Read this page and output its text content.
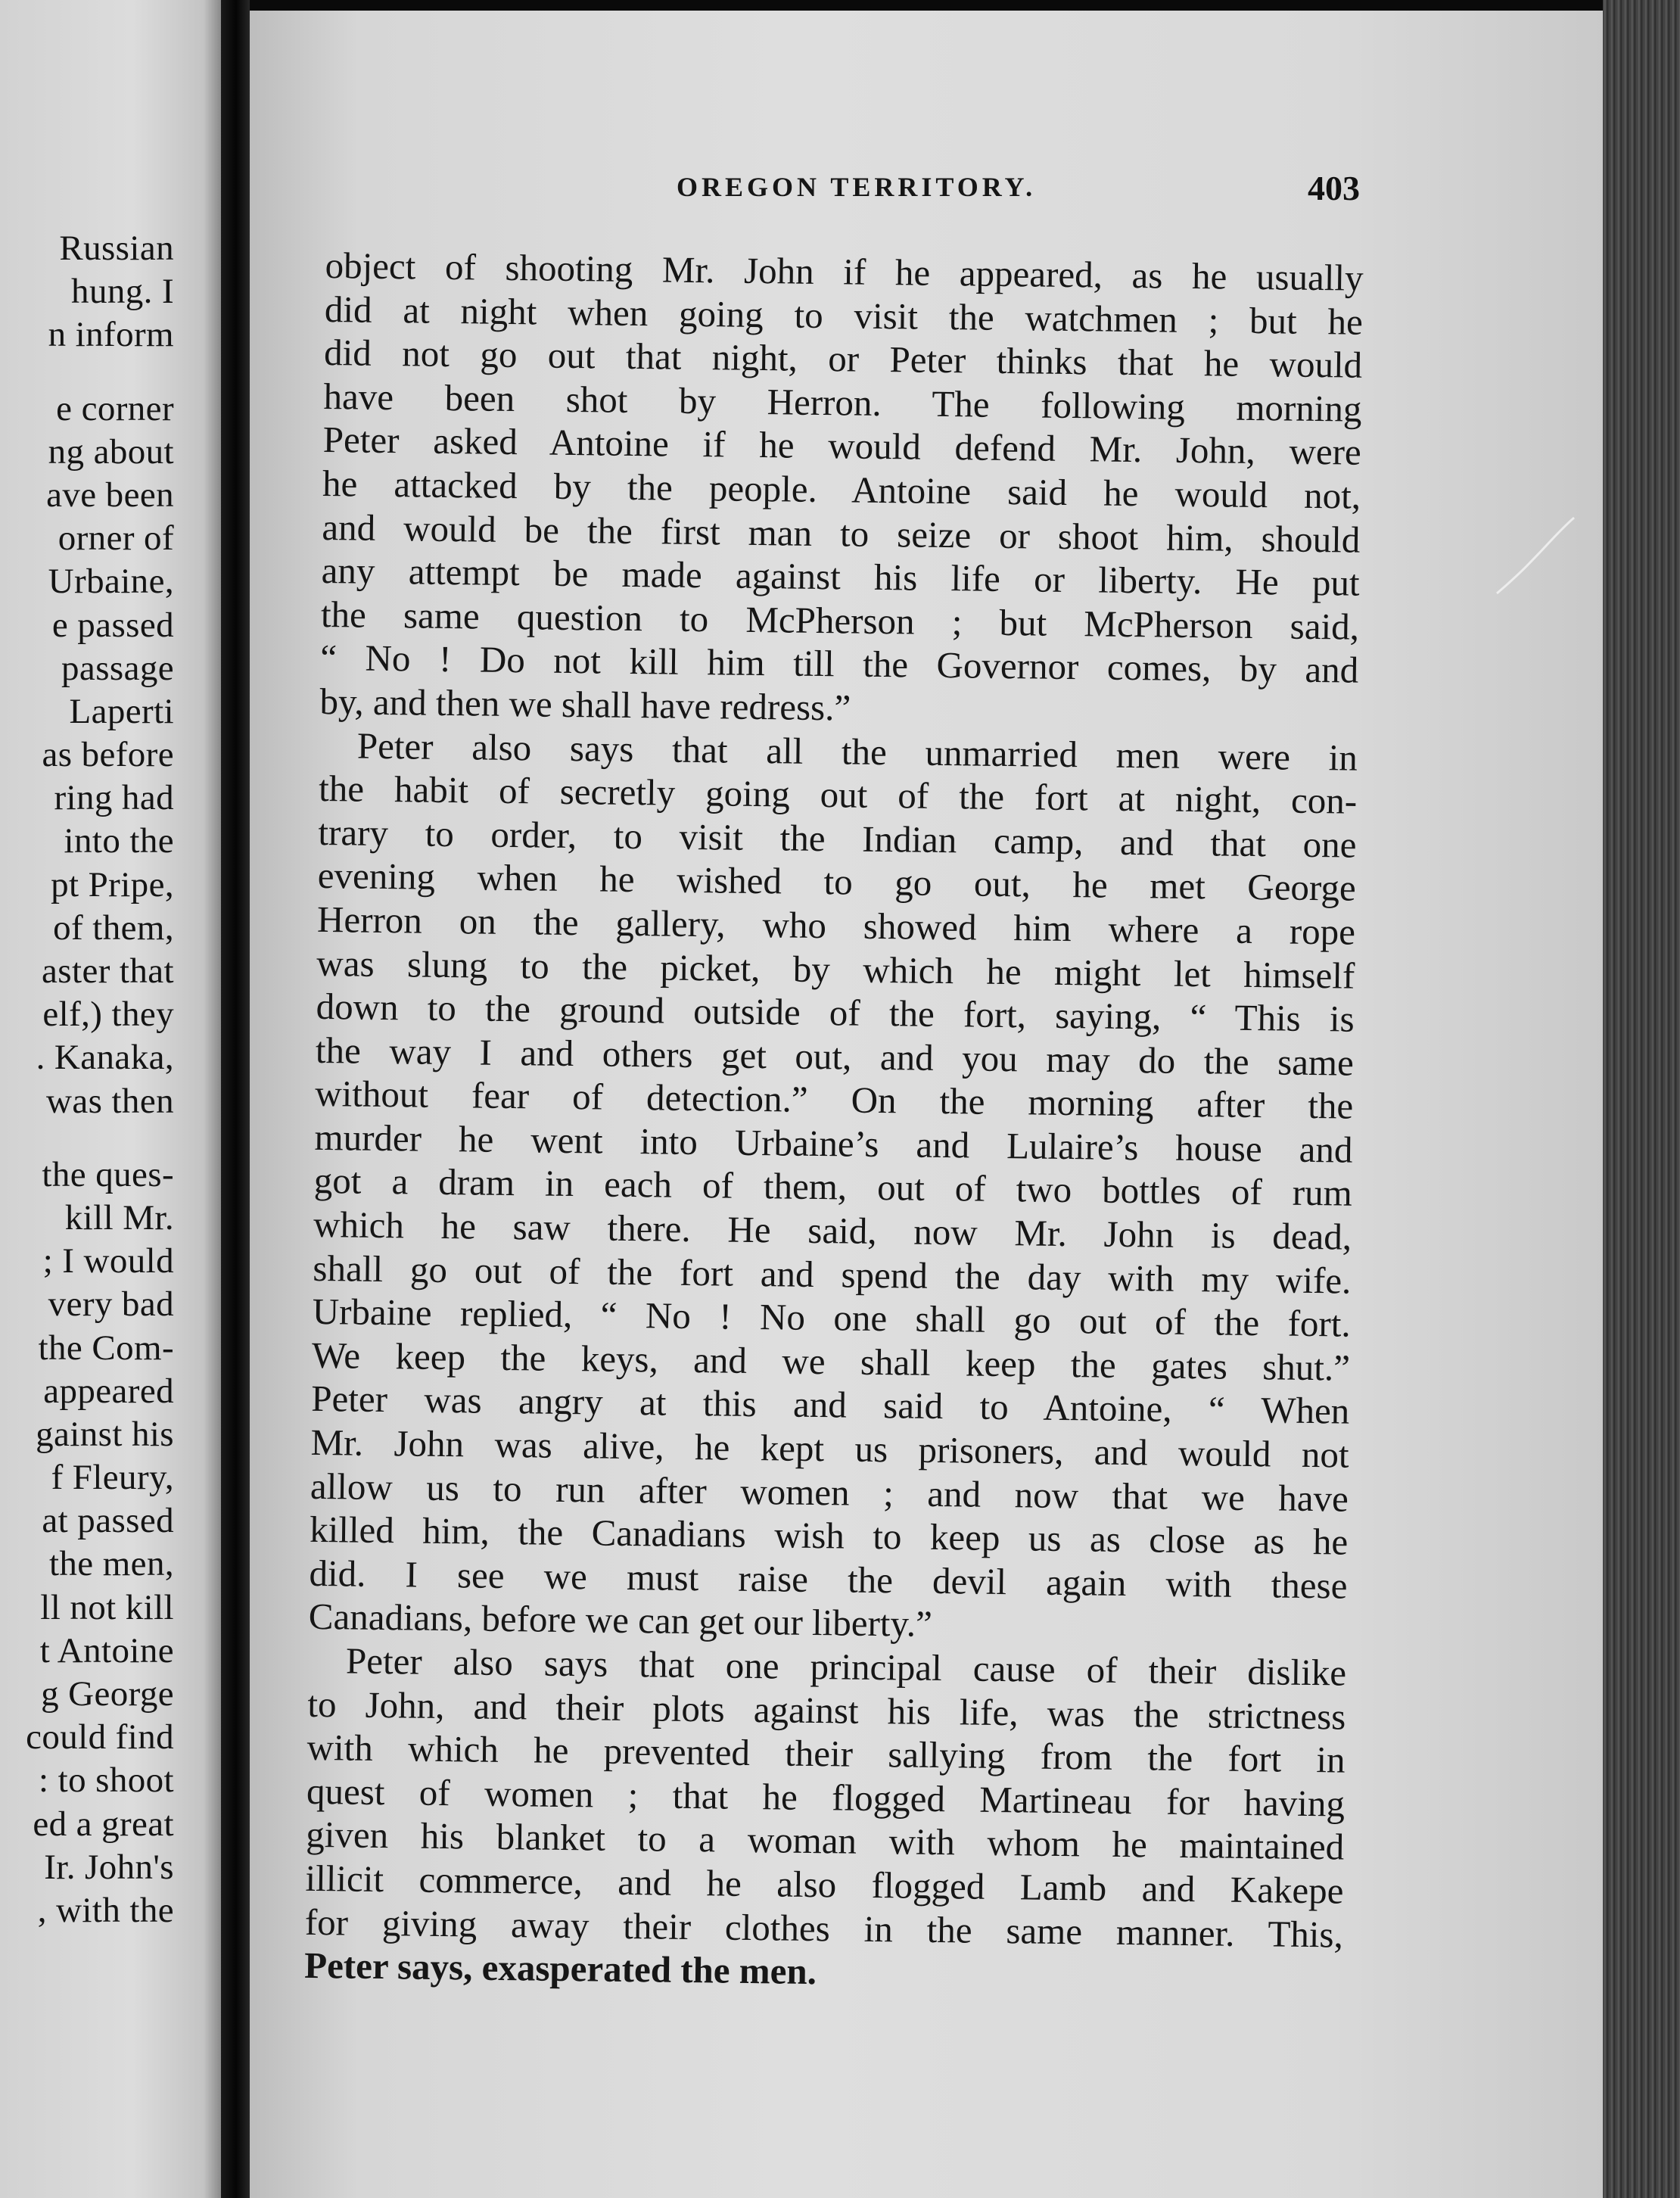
Russian
hung. I
n inform
e corner
ng about
ave been
orner of
Urbaine,
e passed
passage
Laperti
as before
ring had
into the
pt Pripe,
of them,
aster that
elf,) they
. Kanaka,
was then
the ques-
kill Mr.
; I would
very bad
the Com-
appeared
gainst his
f Fleury,
at passed
the men,
ll not kill
t Antoine
g George
could find
: to shoot
ed a great
Ir. John's
, with the
OREGON TERRITORY.	403
object of shooting Mr. John if he appeared, as he usually
did at night when going to visit the watchmen ; but he
did not go out that night, or Peter thinks that he would
have been shot by Herron. The following morning
Peter asked Antoine if he would defend Mr. John, were
he attacked by the people. Antoine said he would not,
and would be the first man to seize or shoot him, should
any attempt be made against his life or liberty. He put
the same question to McPherson ; but McPherson said,
“ No ! Do not kill him till the Governor comes, by and
by, and then we shall have redress.”
Peter also says that all the unmarried men were in
the habit of secretly going out of the fort at night, con-
trary to order, to visit the Indian camp, and that one
evening when he wished to go out, he met George
Herron on the gallery, who showed him where a rope
was slung to the picket, by which he might let himself
down to the ground outside of the fort, saying, “ This is
the way I and others get out, and you may do the same
without fear of detection.” On the morning after the
murder he went into Urbaine’s and Lulaire’s house and
got a dram in each of them, out of two bottles of rum
which he saw there. He said, now Mr. John is dead,
shall go out of the fort and spend the day with my wife.
Urbaine replied, “ No ! No one shall go out of the fort.
We keep the keys, and we shall keep the gates shut.”
Peter was angry at this and said to Antoine, “ When
Mr. John was alive, he kept us prisoners, and would not
allow us to run after women ; and now that we have
killed him, the Canadians wish to keep us as close as he
did. I see we must raise the devil again with these
Canadians, before we can get our liberty.”
Peter also says that one principal cause of their dislike
to John, and their plots against his life, was the strictness
with which he prevented their sallying from the fort in
quest of women ; that he flogged Martineau for having
given his blanket to a woman with whom he maintained
illicit commerce, and he also flogged Lamb and Kakepe
for giving away their clothes in the same manner. This,
Peter says, exasperated the men.
